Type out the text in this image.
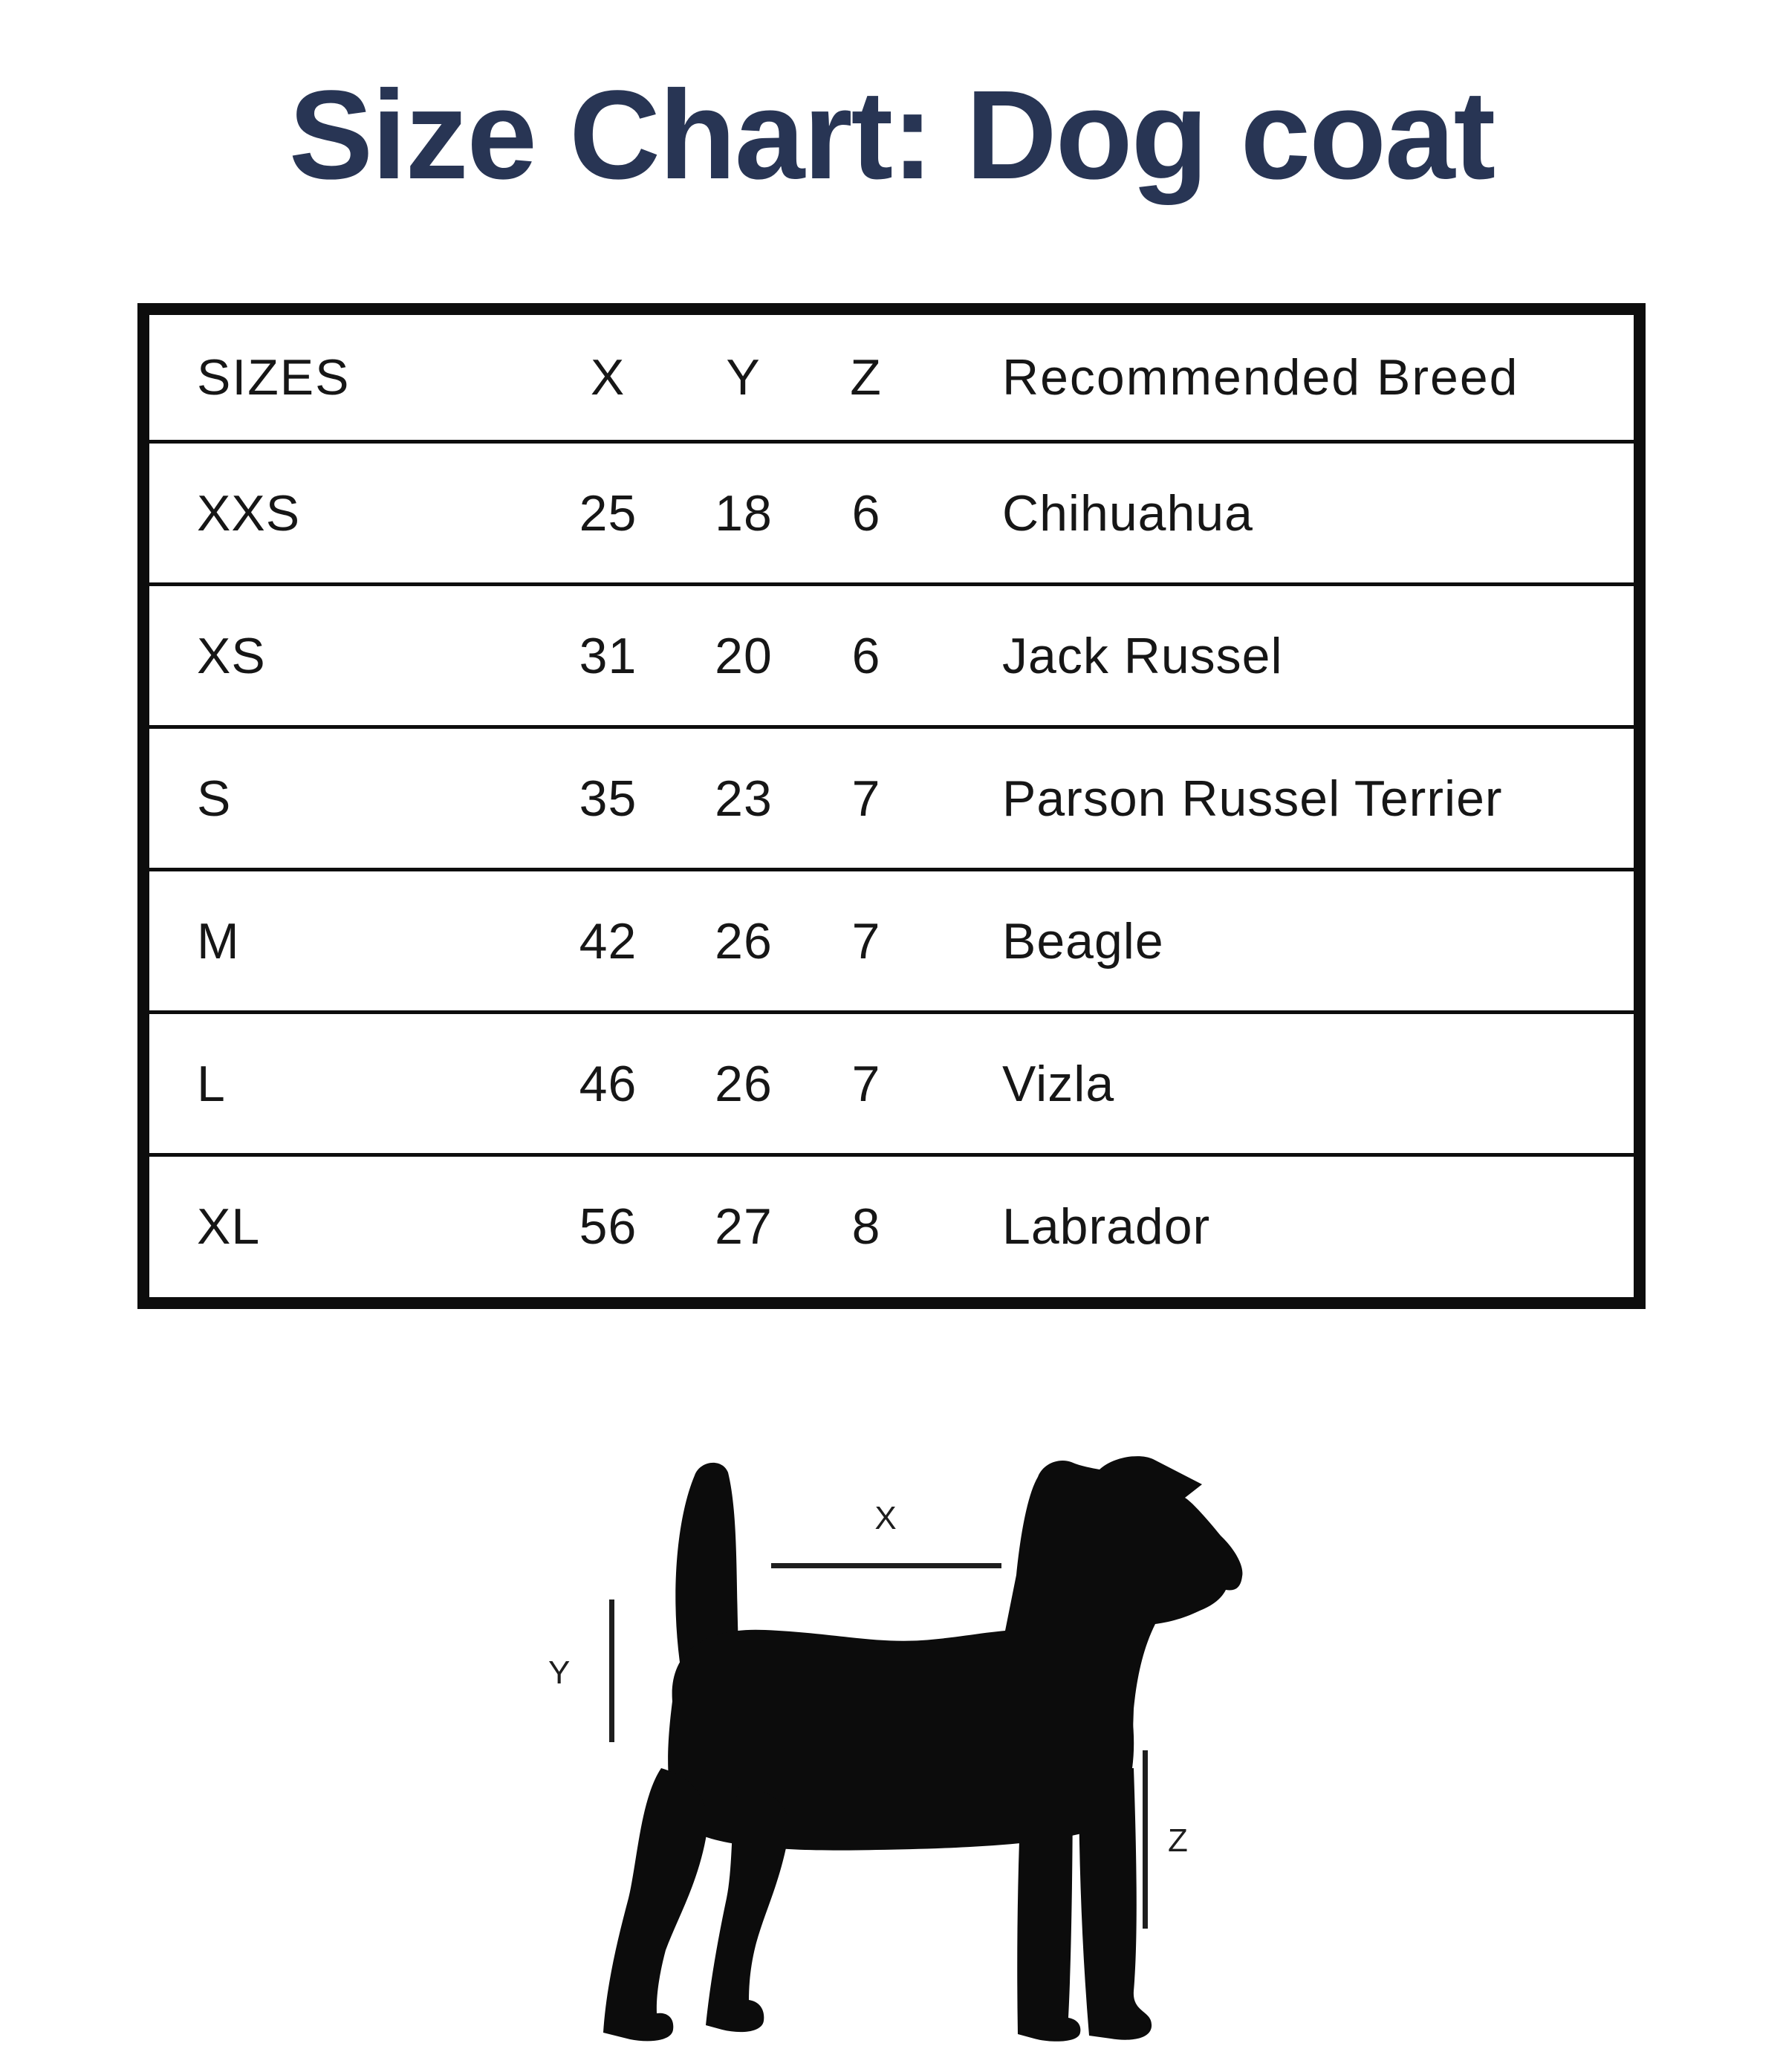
Size Chart: Dog coat
SIZES	X	Y	Z	Recommended Breed
XXS	25	18	6	Chihuahua
XS	31	20	6	Jack Russel
S	35	23	7	Parson Russel Terrier
M	42	26	7	Beagle
L	46	26	7	Vizla
XL	56	27	8	Labrador
X
Y
Z
